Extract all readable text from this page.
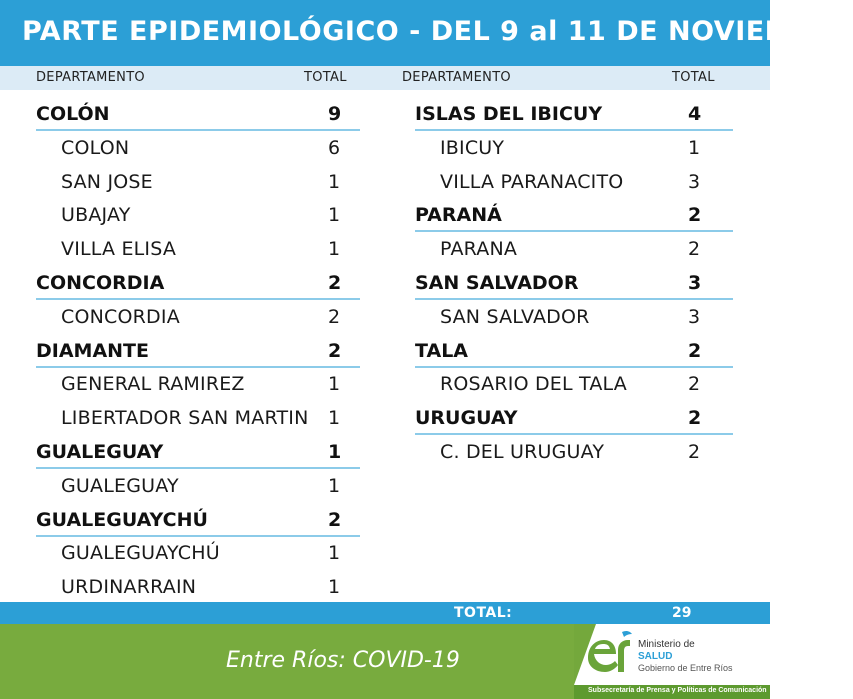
PARTE EPIDEMIOLÓGICO - DEL 9 al 11 DE NOVIEMBRE
DEPARTAMENTO	TOTAL	DEPARTAMENTO	TOTAL
COLÓN	9
COLON	6
SAN JOSE	1
UBAJAY	1
VILLA ELISA	1
CONCORDIA	2
CONCORDIA	2
DIAMANTE	2
GENERAL RAMIREZ	1
LIBERTADOR SAN MARTIN 1
GUALEGUAY	1
GUALEGUAY	1
GUALEGUAYCHÚ	2
GUALEGUAYCHÚ	1
URDINARRAIN	1
ISLAS DEL IBICUY	4
IBICUY	1
VILLA PARANACITO	3
PARANÁ	2
PARANA	2
SAN SALVADOR	3
SAN SALVADOR	3
TALA	2
ROSARIO DEL TALA	2
URUGUAY	2
C. DEL URUGUAY	2
TOTAL:	29
Entre Ríos: COVID-19
Ministerio de
SALUD
Gobierno de Entre Ríos
Subsecretaría de Prensa y Políticas de Comunicación
